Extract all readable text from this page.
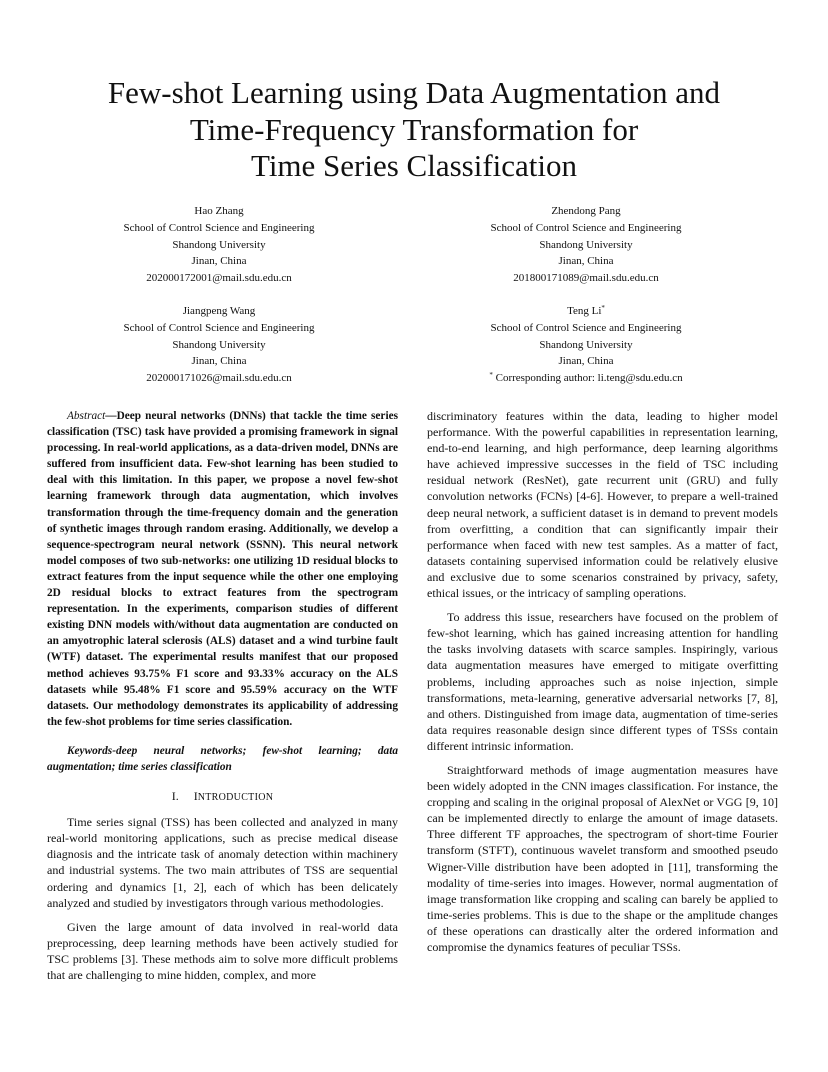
Few-shot Learning using Data Augmentation and
Time-Frequency Transformation for
Time Series Classification
Hao Zhang
School of Control Science and Engineering
Shandong University
Jinan, China
202000172001@mail.sdu.edu.cn
Zhendong Pang
School of Control Science and Engineering
Shandong University
Jinan, China
201800171089@mail.sdu.edu.cn
Jiangpeng Wang
School of Control Science and Engineering
Shandong University
Jinan, China
202000171026@mail.sdu.edu.cn
Teng Li*
School of Control Science and Engineering
Shandong University
Jinan, China
* Corresponding author: li.teng@sdu.edu.cn

Abstract—Deep neural networks (DNNs) that tackle the time series classification (TSC) task have provided a promising framework in signal processing. In real-world applications, as a data-driven model, DNNs are suffered from insufficient data. Few-shot learning has been studied to deal with this limitation. In this paper, we propose a novel few-shot learning framework through data augmentation, which involves transformation through the time-frequency domain and the generation of synthetic images through random erasing. Additionally, we develop a sequence-spectrogram neural network (SSNN). This neural network model composes of two sub-networks: one utilizing 1D residual blocks to extract features from the input sequence while the other one employing 2D residual blocks to extract features from the spectrogram representation. In the experiments, comparison studies of different existing DNN models with/without data augmentation are conducted on an amyotrophic lateral sclerosis (ALS) dataset and a wind turbine fault (WTF) dataset. The experimental results manifest that our proposed method achieves 93.75% F1 score and 93.33% accuracy on the ALS datasets while 95.48% F1 score and 95.59% accuracy on the WTF datasets. Our methodology demonstrates its applicability of addressing the few-shot problems for time series classification.

Keywords-deep neural networks; few-shot learning; data augmentation; time series classification

I. INTRODUCTION

Time series signal (TSS) has been collected and analyzed in many real-world monitoring applications, such as precise medical disease diagnosis and the intricate task of anomaly detection within machinery and industrial systems. The two main attributes of TSS are sequential ordering and dynamics [1, 2], each of which has been delicately analyzed and studied by investigators through various methodologies.

Given the large amount of data involved in real-world data preprocessing, deep learning methods have been actively studied for TSC problems [3]. These methods aim to solve more difficult problems that are challenging to mine hidden, complex, and more

discriminatory features within the data, leading to higher model performance. With the powerful capabilities in representation learning, end-to-end learning, and high performance, deep learning algorithms have achieved impressive successes in the field of TSC including residual network (ResNet), gate recurrent unit (GRU) and fully convolution networks (FCNs) [4-6]. However, to prepare a well-trained deep neural network, a sufficient dataset is in demand to prevent models from overfitting, a condition that can significantly impair their performance when faced with new test samples. As a matter of fact, datasets containing supervised information could be relatively elusive and exclusive due to some scenarios constrained by privacy, safety, ethical issues, or the intricacy of sampling operations.

To address this issue, researchers have focused on the problem of few-shot learning, which has gained increasing attention for handling the tasks involving datasets with scarce samples. Inspiringly, various data augmentation measures have emerged to mitigate overfitting problems, including approaches such as noise injection, simple transformations, meta-learning, generative adversarial networks [7, 8], and others. Distinguished from image data, augmentation of time-series data requires reasonable design since different types of TSSs contain different intrinsic information.

Straightforward methods of image augmentation measures have been widely adopted in the CNN images classification. For instance, the cropping and scaling in the original proposal of AlexNet or VGG [9, 10] can be implemented directly to enlarge the amount of image datasets. Three different TF approaches, the spectrogram of short-time Fourier transform (STFT), continuous wavelet transform and smoothed pseudo Wigner-Ville distribution have been adopted in [11], transforming the modality of time-series into images. However, normal augmentation of image transformation like cropping and scaling can barely be applied to time-series problems. This is due to the shape or the amplitude changes of these operations can drastically alter the ordered information and compromise the dynamics features of peculiar TSSs.
